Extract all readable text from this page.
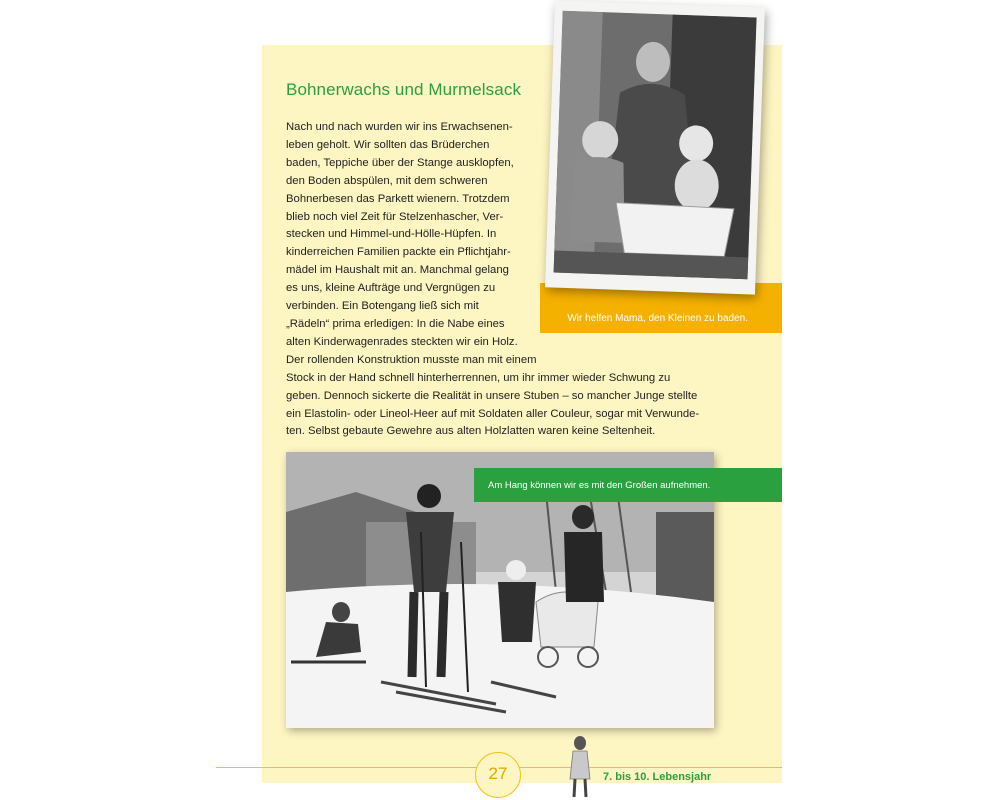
Bohnerwachs und Murmelsack
Nach und nach wurden wir ins Erwachsenen-
leben geholt. Wir sollten das Brüderchen
baden, Teppiche über der Stange ausklopfen,
den Boden abspülen, mit dem schweren
Bohnerbesen das Parkett wienern. Trotzdem
blieb noch viel Zeit für Stelzenhascher, Ver-
stecken und Himmel-und-Hölle-Hüpfen. In
kinderreichen Familien packte ein Pflichtjahr-
mädel im Haushalt mit an. Manchmal gelang
es uns, kleine Aufträge und Vergnügen zu
verbinden. Ein Botengang ließ sich mit
„Rädeln“ prima erledigen: In die Nabe eines
alten Kinderwagenrades steckten wir ein Holz.
Der rollenden Konstruktion musste man mit einem
Stock in der Hand schnell hinterherrennen, um ihr immer wieder Schwung zu
geben. Dennoch sickerte die Realität in unsere Stuben – so mancher Junge stellte
ein Elastolin- oder Lineol-Heer auf mit Soldaten aller Couleur, sogar mit Verwunde-
ten. Selbst gebaute Gewehre aus alten Holzlatten waren keine Seltenheit.
Wir helfen Mama, den Kleinen zu baden.
Am Hang können wir es mit den Großen aufnehmen.
27	7. bis 10. Lebensjahr
